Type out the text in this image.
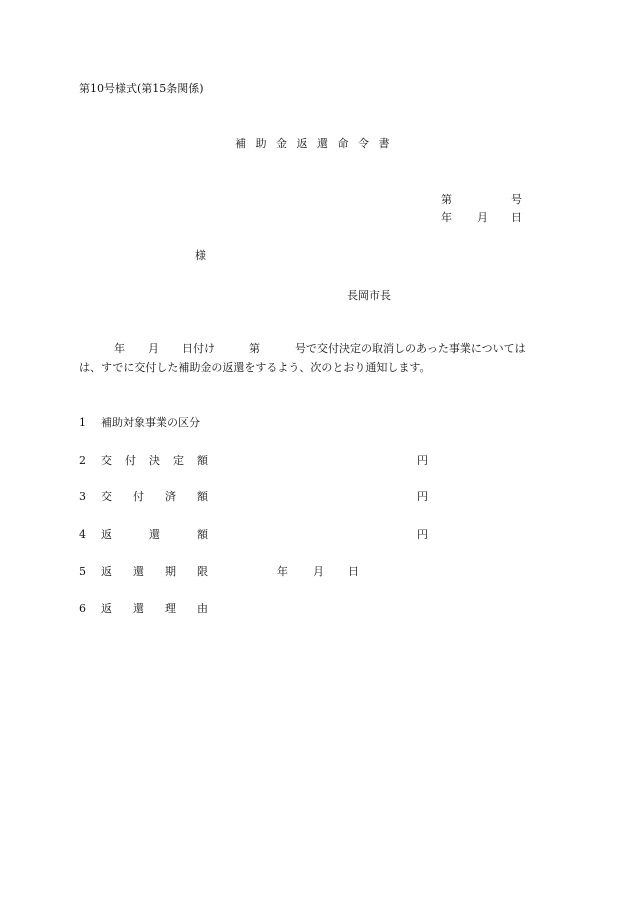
第10号様式(第15条関係)
補 助 金 返 還 命 令 書
第	号
年 月 日
様
長岡市長
年 月 日付け	第	号で交付決定の取消しのあった事業については
は、すでに交付した補助金の返還をするよう、次のとおり通知します。
1 補助対象事業の区分
2 交 付 決 定 額	円
3 交 付 済 額	円
4 返	還	額	円
5 返 還 期 限	年 月 日
6 返 還 理 由
